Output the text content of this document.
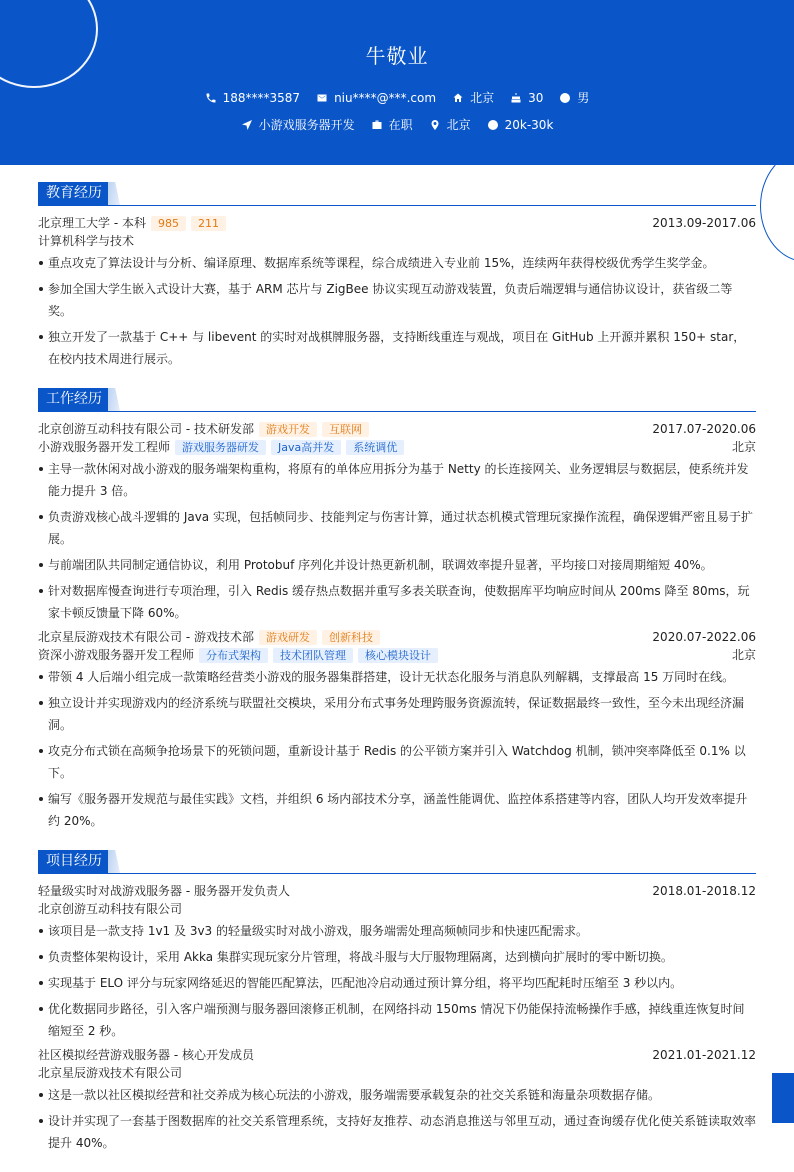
牛敬业
188****3587	niu****@***.com	北京	30	男
小游戏服务器开发	在职	北京	20k-30k
教育经历
北京理工大学 - 本科	985	211	2013.09-2017.06
计算机科学与技术
重点攻克了算法设计与分析、编译原理、数据库系统等课程，综合成绩进入专业前 15%，连续两年获得校级优秀学生奖学金。
参加全国大学生嵌入式设计大赛，基于 ARM 芯片与 ZigBee 协议实现互动游戏装置，负责后端逻辑与通信协议设计，获省级二等奖。
独立开发了一款基于 C++ 与 libevent 的实时对战棋牌服务器，支持断线重连与观战，项目在 GitHub 上开源并累积 150+ star，在校内技术周进行展示。
工作经历
北京创游互动科技有限公司 - 技术研发部	游戏开发	互联网	2017.07-2020.06
小游戏服务器开发工程师	游戏服务器研发	Java高并发	系统调优	北京
主导一款休闲对战小游戏的服务端架构重构，将原有的单体应用拆分为基于 Netty 的长连接网关、业务逻辑层与数据层，使系统并发能力提升 3 倍。
负责游戏核心战斗逻辑的 Java 实现，包括帧同步、技能判定与伤害计算，通过状态机模式管理玩家操作流程，确保逻辑严密且易于扩展。
与前端团队共同制定通信协议，利用 Protobuf 序列化并设计热更新机制，联调效率提升显著，平均接口对接周期缩短 40%。
针对数据库慢查询进行专项治理，引入 Redis 缓存热点数据并重写多表关联查询，使数据库平均响应时间从 200ms 降至 80ms，玩家卡顿反馈量下降 60%。
北京星辰游戏技术有限公司 - 游戏技术部	游戏研发	创新科技	2020.07-2022.06
资深小游戏服务器开发工程师	分布式架构	技术团队管理	核心模块设计	北京
带领 4 人后端小组完成一款策略经营类小游戏的服务器集群搭建，设计无状态化服务与消息队列解耦，支撑最高 15 万同时在线。
独立设计并实现游戏内的经济系统与联盟社交模块，采用分布式事务处理跨服务资源流转，保证数据最终一致性，至今未出现经济漏洞。
攻克分布式锁在高频争抢场景下的死锁问题，重新设计基于 Redis 的公平锁方案并引入 Watchdog 机制，锁冲突率降低至 0.1% 以下。
编写《服务器开发规范与最佳实践》文档，并组织 6 场内部技术分享，涵盖性能调优、监控体系搭建等内容，团队人均开发效率提升约 20%。
项目经历
轻量级实时对战游戏服务器 - 服务器开发负责人	2018.01-2018.12
北京创游互动科技有限公司
该项目是一款支持 1v1 及 3v3 的轻量级实时对战小游戏，服务端需处理高频帧同步和快速匹配需求。
负责整体架构设计，采用 Akka 集群实现玩家分片管理，将战斗服与大厅服物理隔离，达到横向扩展时的零中断切换。
实现基于 ELO 评分与玩家网络延迟的智能匹配算法，匹配池冷启动通过预计算分组，将平均匹配耗时压缩至 3 秒以内。
优化数据同步路径，引入客户端预测与服务器回滚修正机制，在网络抖动 150ms 情况下仍能保持流畅操作手感，掉线重连恢复时间缩短至 2 秒。
社区模拟经营游戏服务器 - 核心开发成员	2021.01-2021.12
北京星辰游戏技术有限公司
这是一款以社区模拟经营和社交养成为核心玩法的小游戏，服务端需要承载复杂的社交关系链和海量杂项数据存储。
设计并实现了一套基于图数据库的社交关系管理系统，支持好友推荐、动态消息推送与邻里互动，通过查询缓存优化使关系链读取效率提升 40%。
